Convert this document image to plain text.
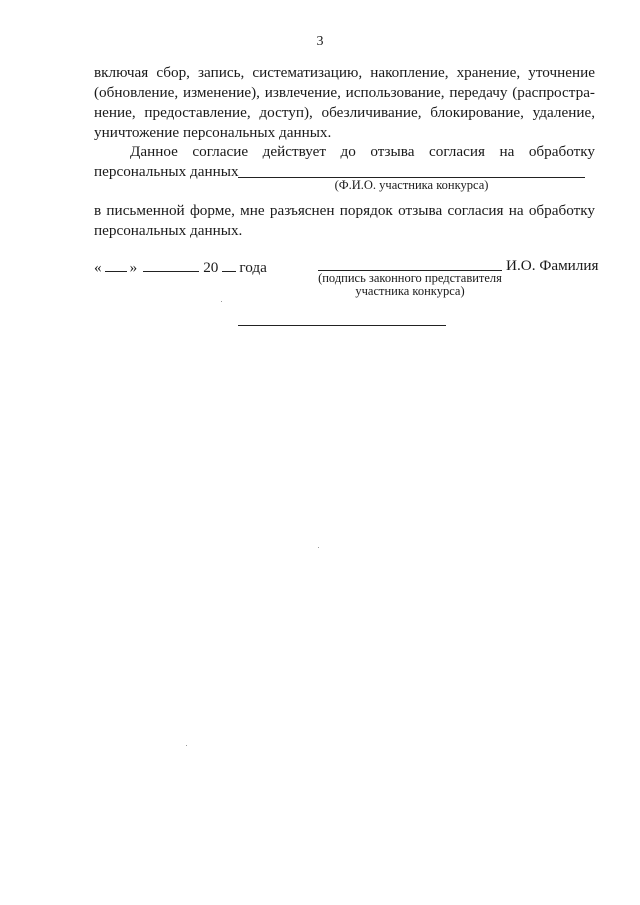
3
включая сбор, запись, систематизацию, накопление, хранение, уточнение (обновление, изменение), извлечение, использование, передачу (распростра-нение, предоставление, доступ), обезличивание, блокирование, удаление, уничтожение персональных данных.
Данное согласие действует до отзыва согласия на обработку
персональных данных
(Ф.И.О. участника конкурса)
в письменной форме, мне разъяснен порядок отзыва согласия на обработку персональных данных.
« »	20 года	И.О. Фамилия
(подпись законного представителя участника конкурса)
